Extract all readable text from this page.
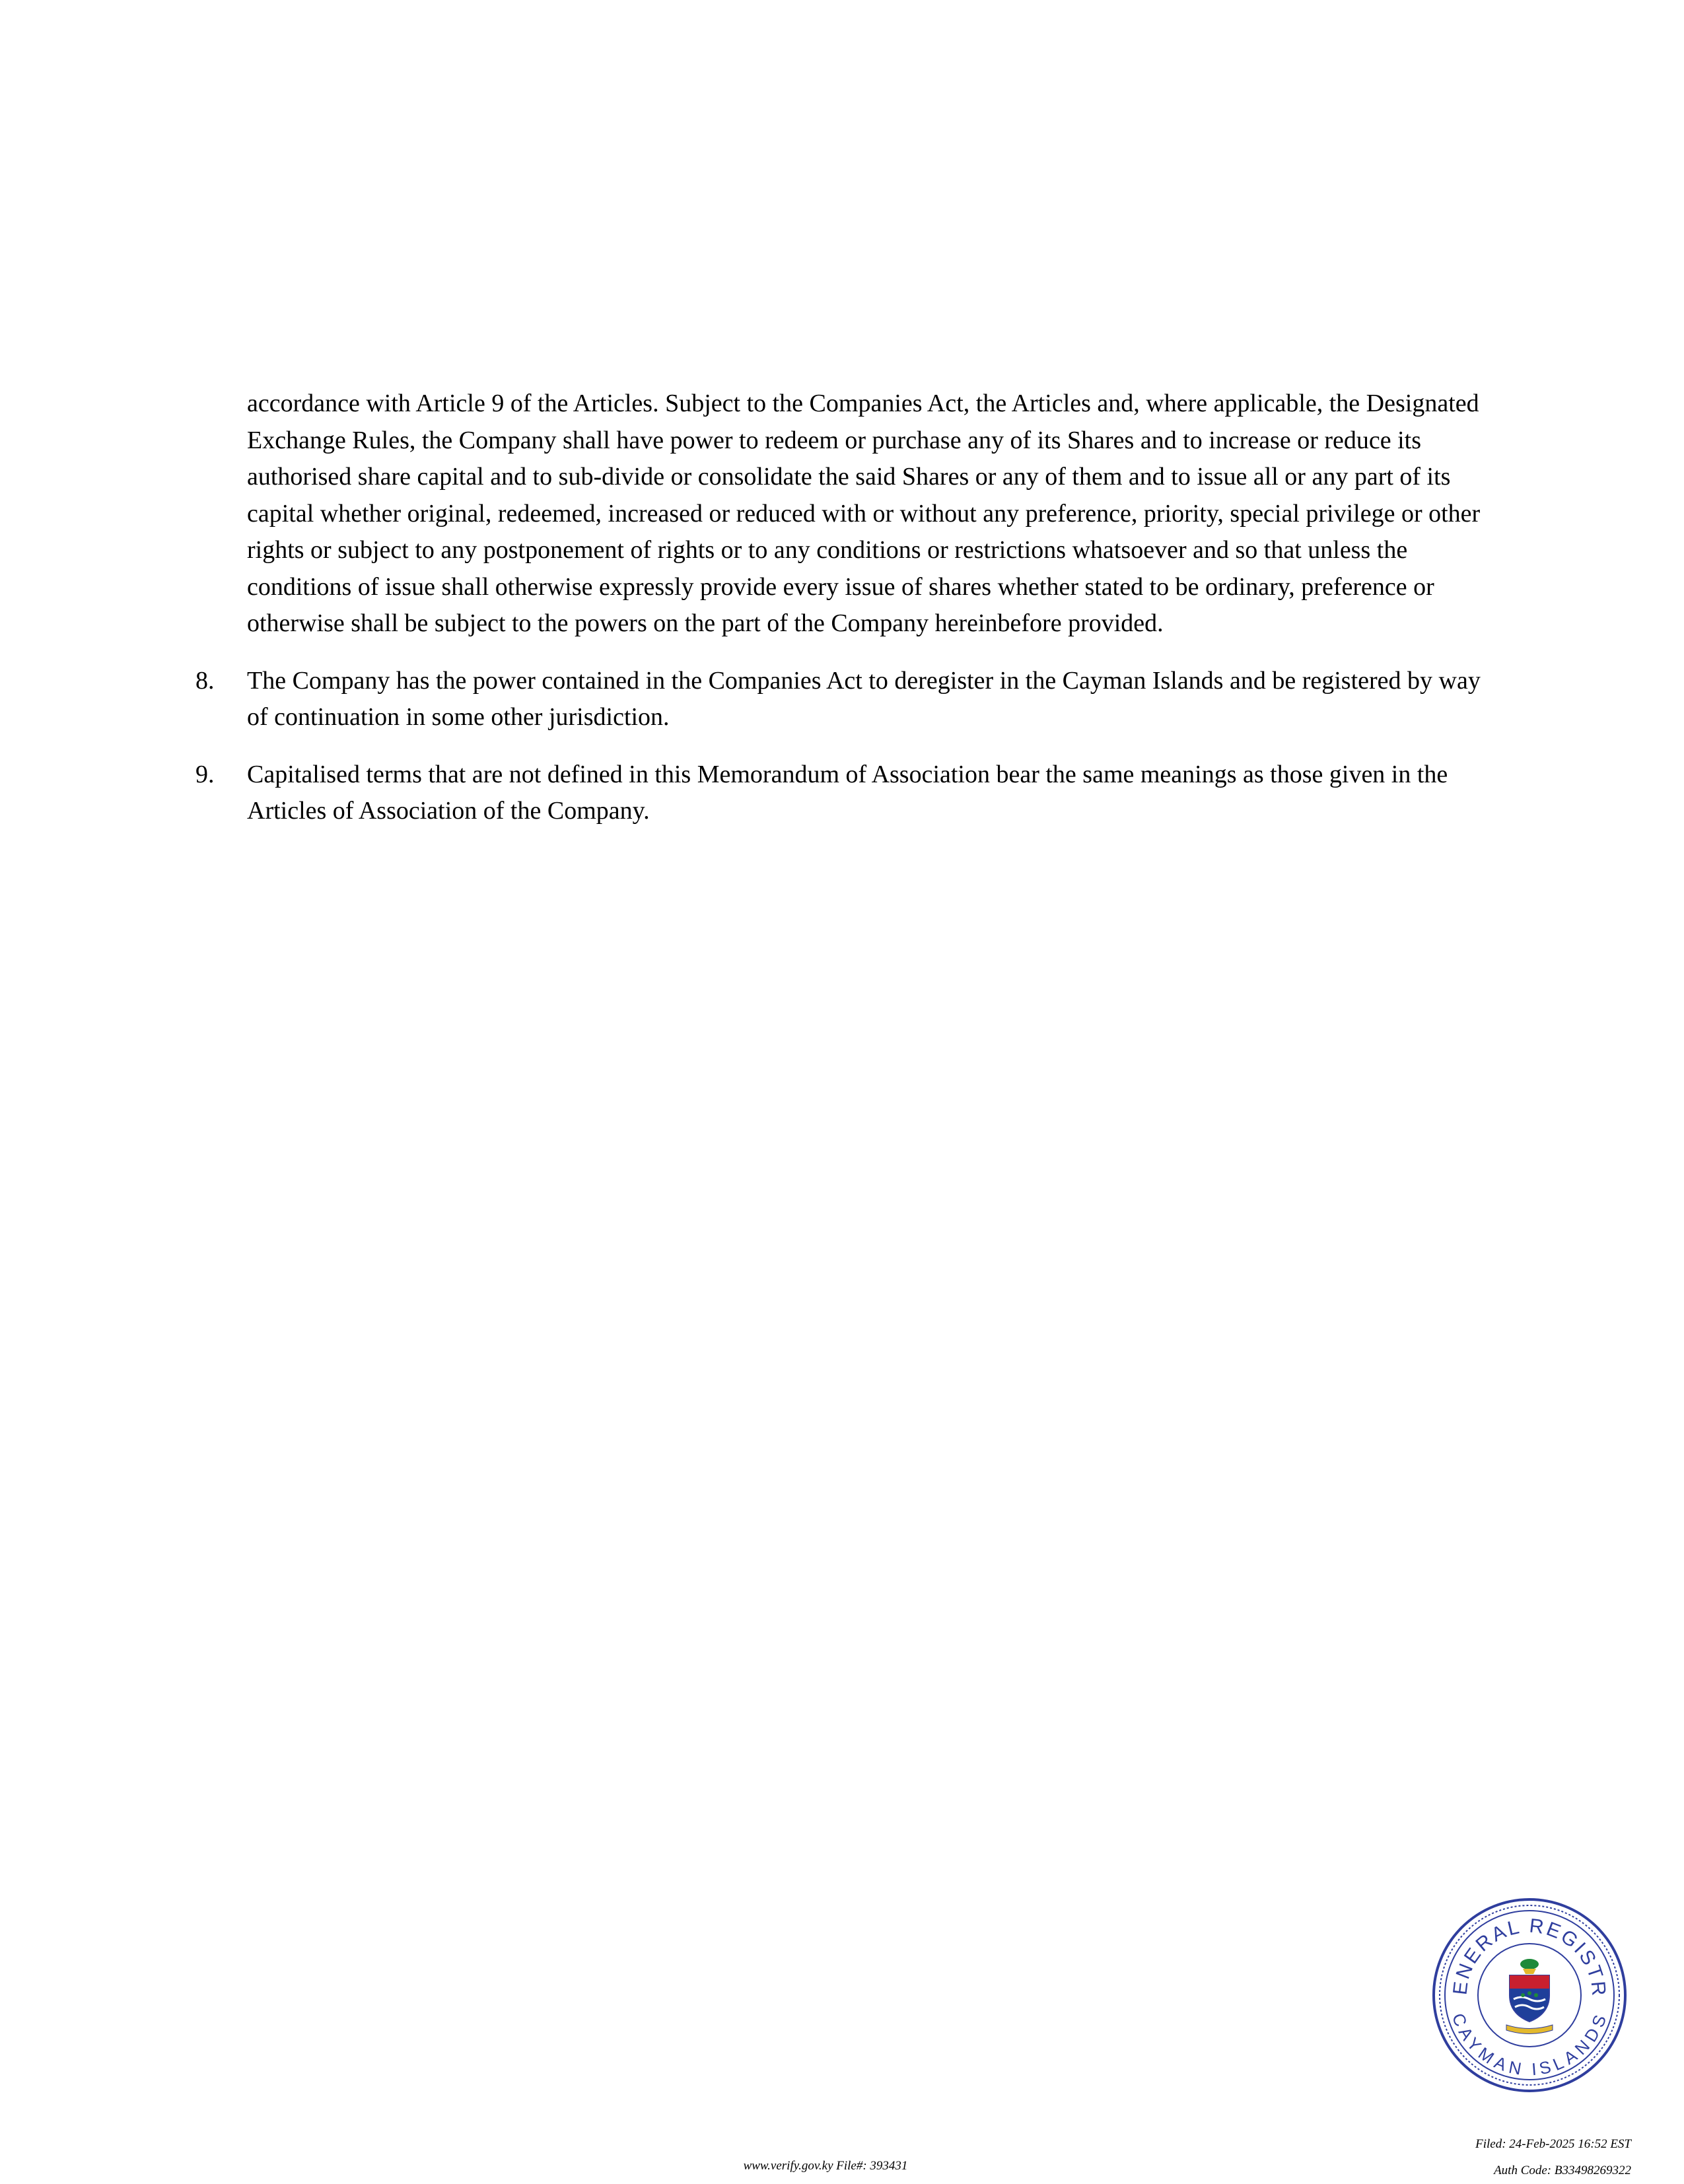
accordance with Article 9 of the Articles. Subject to the Companies Act, the Articles and, where applicable, the Designated Exchange Rules, the Company shall have power to redeem or purchase any of its Shares and to increase or reduce its authorised share capital and to sub-divide or consolidate the said Shares or any of them and to issue all or any part of its capital whether original, redeemed, increased or reduced with or without any preference, priority, special privilege or other rights or subject to any postponement of rights or to any conditions or restrictions whatsoever and so that unless the conditions of issue shall otherwise expressly provide every issue of shares whether stated to be ordinary, preference or otherwise shall be subject to the powers on the part of the Company hereinbefore provided.

8.	The Company has the power contained in the Companies Act to deregister in the Cayman Islands and be registered by way of continuation in some other jurisdiction.
9.	Capitalised terms that are not defined in this Memorandum of Association bear the same meanings as those given in the Articles of Association of the Company.
ENERAL REGISTR
CAYMAN ISLANDS
www.verify.gov.ky File#: 393431
Filed: 24-Feb-2025 16:52 EST
Auth Code: B33498269322
